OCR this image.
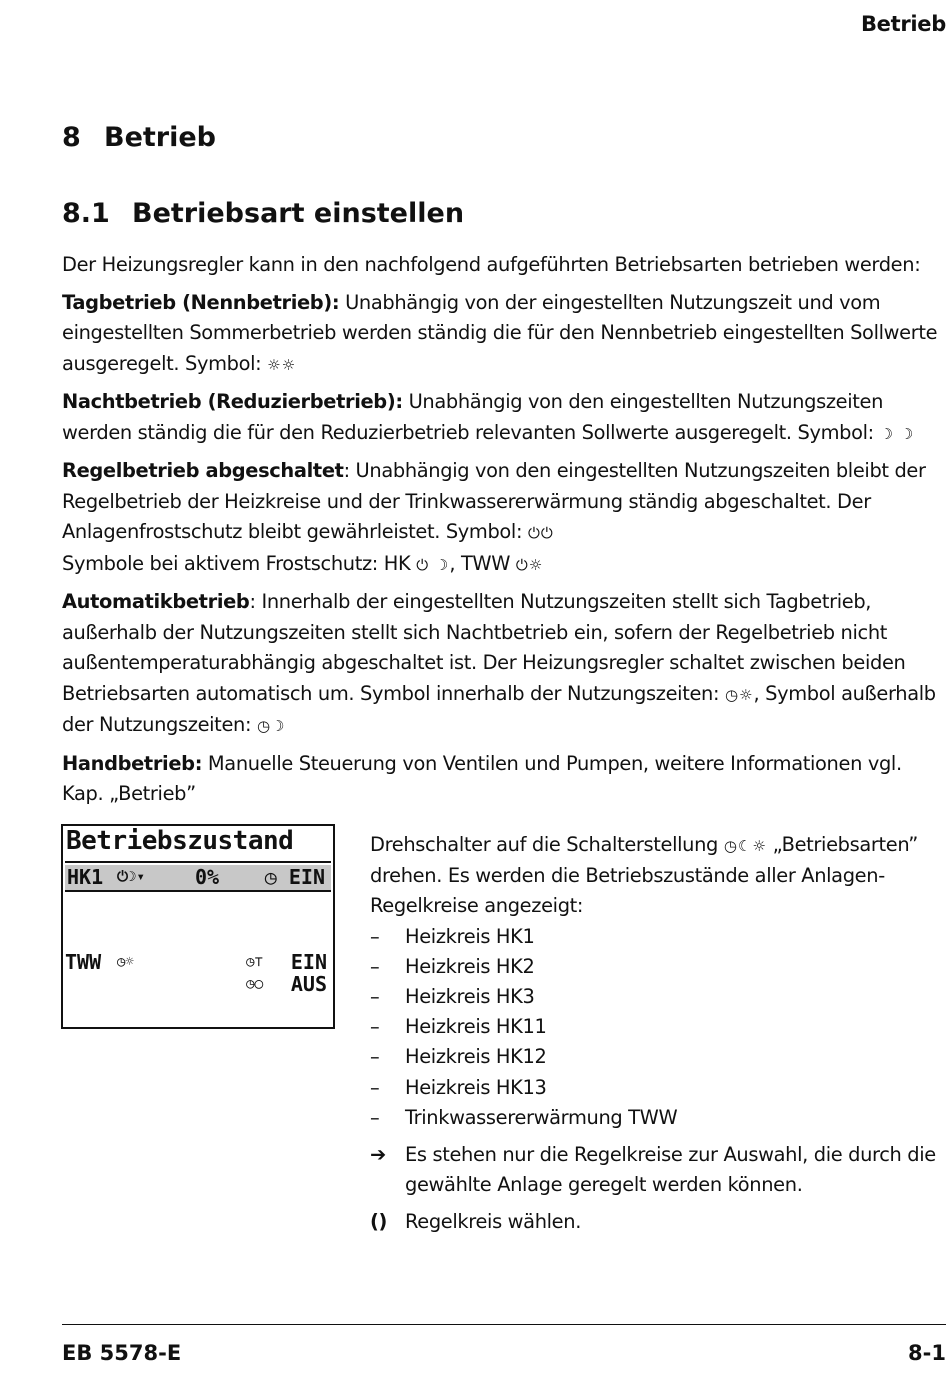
Betrieb
8 Betrieb
8.1 Betriebsart einstellen

Der Heizungsregler kann in den nachfolgend aufgeführten Betriebsarten betrieben werden:

Tagbetrieb (Nennbetrieb): Unabhängig von der eingestellten Nutzungszeit und vom eingestellten Sommerbetrieb werden ständig die für den Nennbetrieb eingestellten Sollwerte ausgeregelt. Symbol: ☼☼

Nachtbetrieb (Reduzierbetrieb): Unabhängig von den eingestellten Nutzungszeiten werden ständig die für den Reduzierbetrieb relevanten Sollwerte ausgeregelt. Symbol: ☽ ☽

Regelbetrieb abgeschaltet: Unabhängig von den eingestellten Nutzungszeiten bleibt der Regelbetrieb der Heizkreise und der Trinkwassererwärmung ständig abgeschaltet. Der Anlagenfrostschutz bleibt gewährleistet. Symbol: ⏻⏻
Symbole bei aktivem Frostschutz: HK ⏻ ☽, TWW ⏻☼

Automatikbetrieb: Innerhalb der eingestellten Nutzungszeiten stellt sich Tagbetrieb, außerhalb der Nutzungszeiten stellt sich Nachtbetrieb ein, sofern der Regelbetrieb nicht außentemperaturabhängig abgeschaltet ist. Der Heizungsregler schaltet zwischen beiden Betriebsarten automatisch um. Symbol innerhalb der Nutzungszeiten: ◷☼, Symbol außerhalb der Nutzungszeiten: ◷☽

Handbetrieb: Manuelle Steuerung von Ventilen und Pumpen, weitere Informationen vgl. Kap. „Betrieb”

Betriebszustand
HK1 ⏻☽▾	0% ◷ EIN
TWW ◷☼	◷⊤ EIN
◷◯ AUS

Drehschalter auf die Schalterstellung ◷☾☼ „Betriebsarten” drehen. Es werden die Betriebszustände aller Anlagen-Regelkreise angezeigt:

– Heizkreis HK1
– Heizkreis HK2
– Heizkreis HK3
– Heizkreis HK11
– Heizkreis HK12
– Heizkreis HK13
– Trinkwassererwärmung TWW
➔ Es stehen nur die Regelkreise zur Auswahl, die durch die gewählte Anlage geregelt werden können.
() Regelkreis wählen.
EB 5578-E	8-1
